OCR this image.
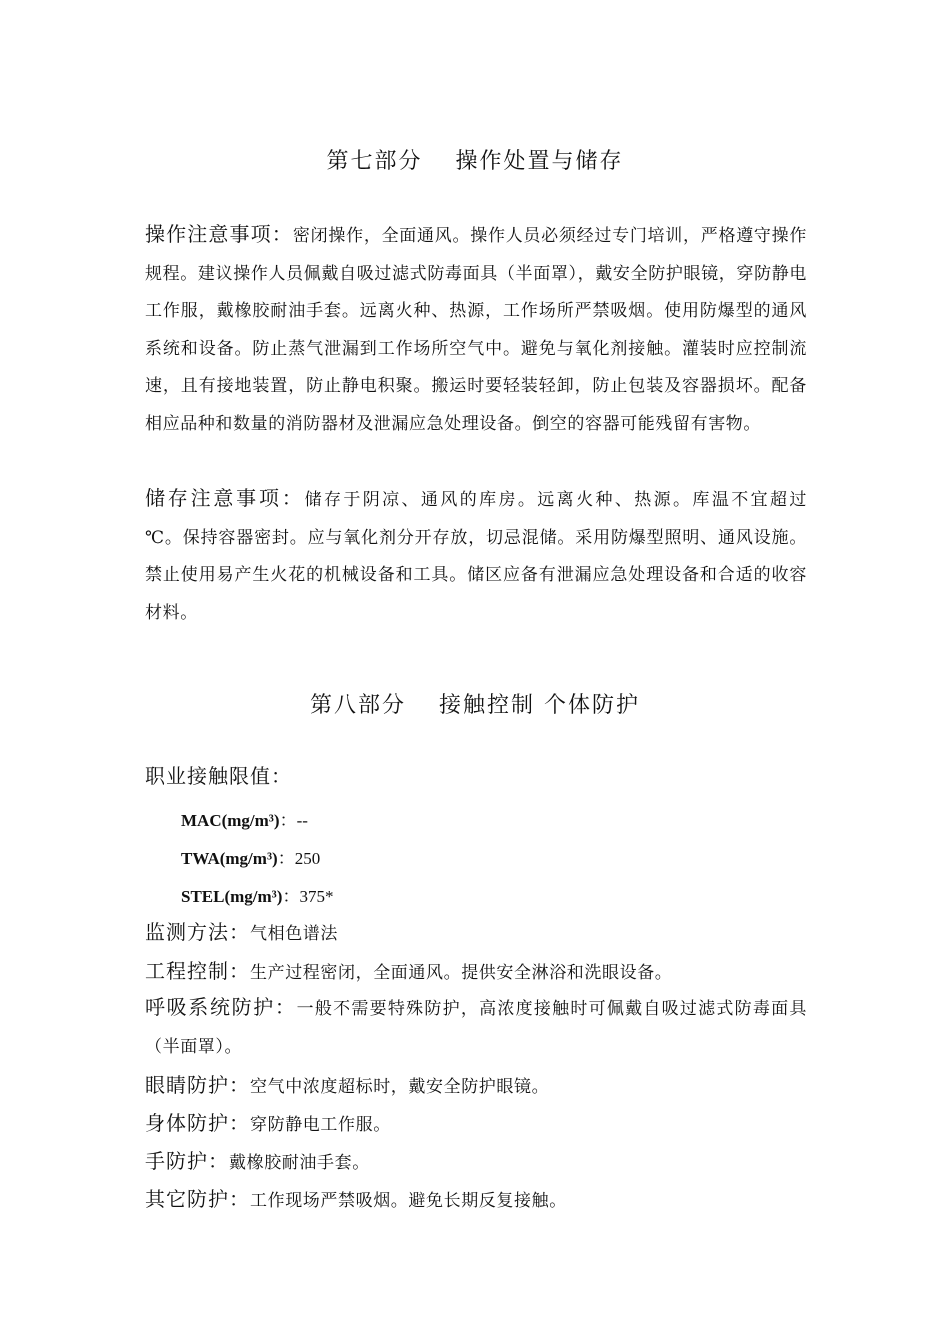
第七部分　 操作处置与储存
操作注意事项：密闭操作，全面通风。操作人员必须经过专门培训，严格遵守操作规程。建议操作人员佩戴自吸过滤式防毒面具（半面罩），戴安全防护眼镜，穿防静电工作服，戴橡胶耐油手套。远离火种、热源，工作场所严禁吸烟。使用防爆型的通风系统和设备。防止蒸气泄漏到工作场所空气中。避免与氧化剂接触。灌装时应控制流速，且有接地装置，防止静电积聚。搬运时要轻装轻卸，防止包装及容器损坏。配备相应品种和数量的消防器材及泄漏应急处理设备。倒空的容器可能残留有害物。
储存注意事项：储存于阴凉、通风的库房。远离火种、热源。库温不宜超过　 ℃。保持容器密封。应与氧化剂分开存放，切忌混储。采用防爆型照明、通风设施。禁止使用易产生火花的机械设备和工具。储区应备有泄漏应急处理设备和合适的收容材料。
第八部分　 接触控制 个体防护
职业接触限值：
MAC(mg/m³)：--
TWA(mg/m³)：250
STEL(mg/m³)：375*
监测方法：气相色谱法
工程控制：生产过程密闭，全面通风。提供安全淋浴和洗眼设备。
呼吸系统防护：一般不需要特殊防护，高浓度接触时可佩戴自吸过滤式防毒面具（半面罩）。
眼睛防护：空气中浓度超标时，戴安全防护眼镜。
身体防护：穿防静电工作服。
手防护：戴橡胶耐油手套。
其它防护：工作现场严禁吸烟。避免长期反复接触。
